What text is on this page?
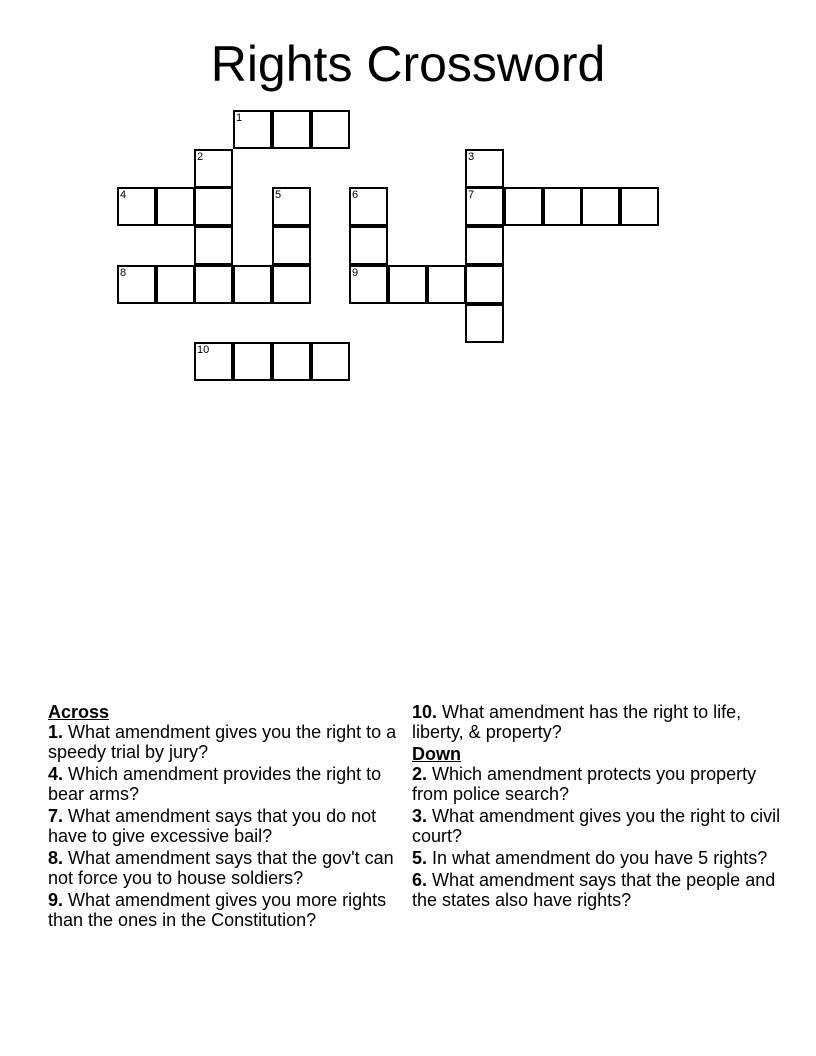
Rights Crossword
1
2	3
4	5	6	7
8	9
10
Across
1. What amendment gives you the right to a speedy trial by jury?
4. Which amendment provides the right to bear arms?
7. What amendment says that you do not have to give excessive bail?
8. What amendment says that the gov't can not force you to house soldiers?
9. What amendment gives you more rights than the ones in the Constitution?
10. What amendment has the right to life, liberty, & property?
Down
2. Which amendment protects you property from police search?
3. What amendment gives you the right to civil court?
5. In what amendment do you have 5 rights?
6. What amendment says that the people and the states also have rights?
